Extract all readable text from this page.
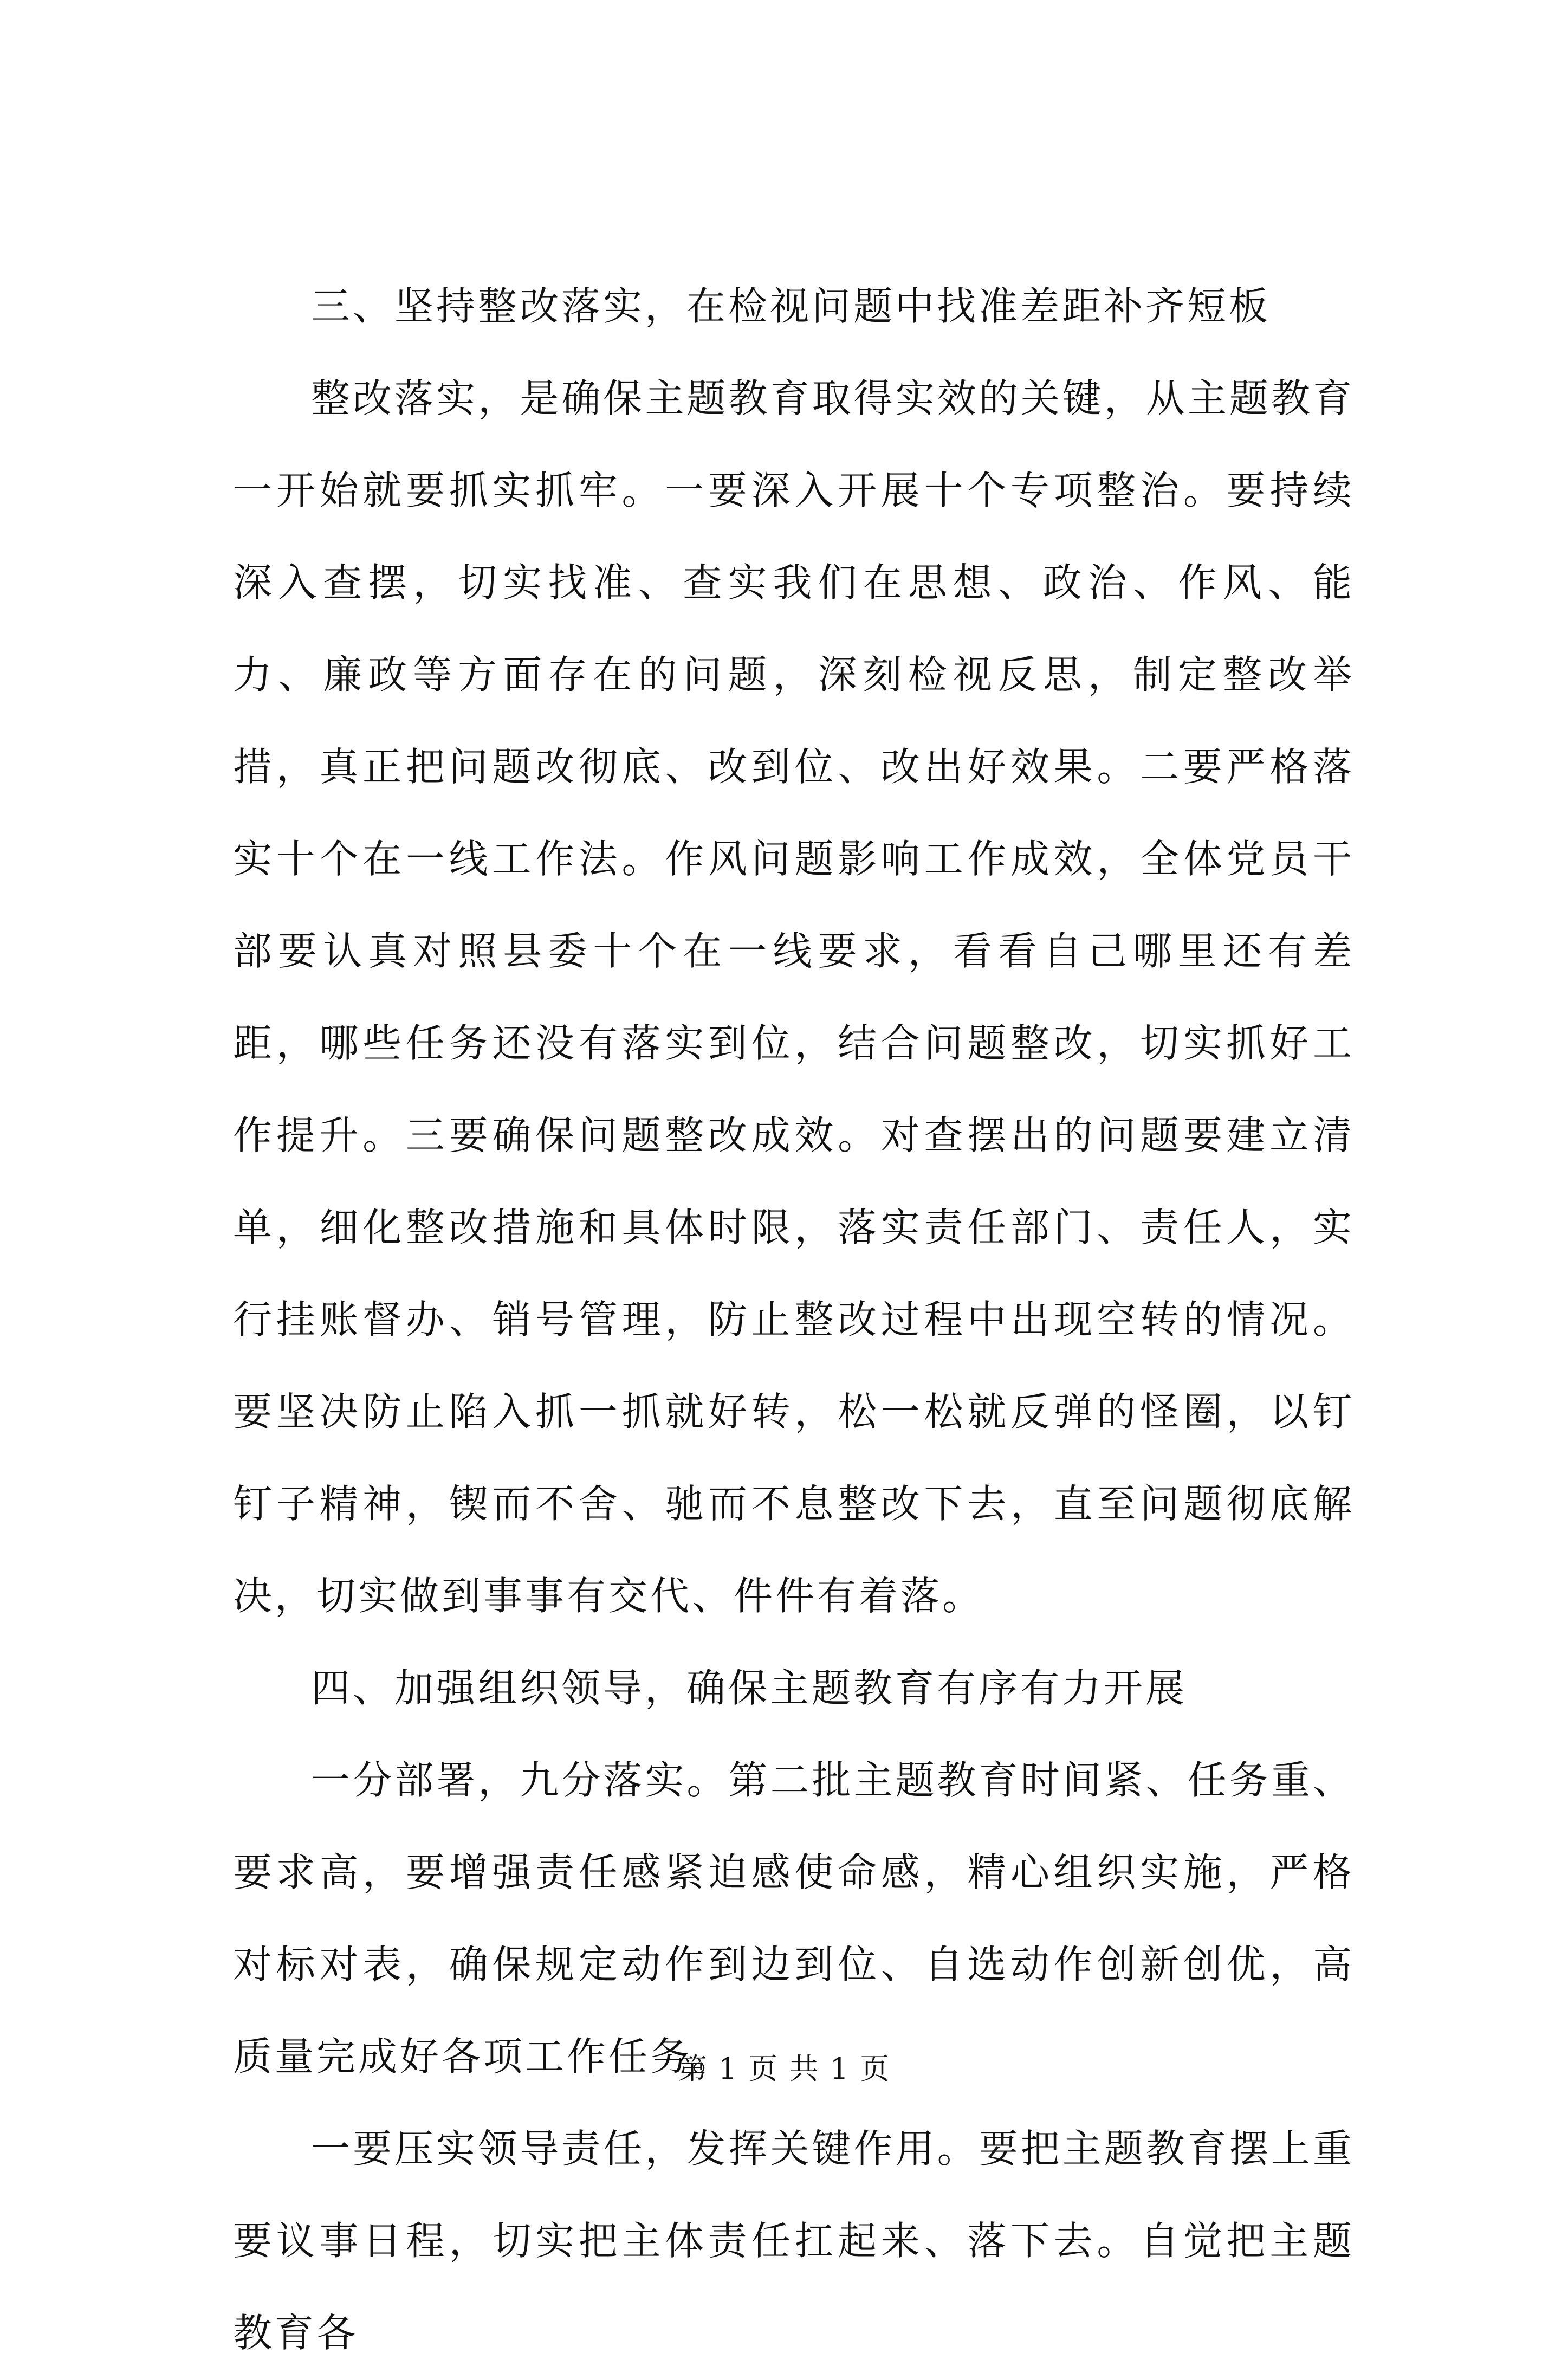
三、坚持整改落实，在检视问题中找准差距补齐短板

整改落实，是确保主题教育取得实效的关键，从主题教育一开始就要抓实抓牢。一要深入开展十个专项整治。要持续深入查摆，切实找准、查实我们在思想、政治、作风、能力、廉政等方面存在的问题，深刻检视反思，制定整改举措，真正把问题改彻底、改到位、改出好效果。二要严格落实十个在一线工作法。作风问题影响工作成效，全体党员干部要认真对照县委十个在一线要求，看看自己哪里还有差距，哪些任务还没有落实到位，结合问题整改，切实抓好工作提升。三要确保问题整改成效。对查摆出的问题要建立清单，细化整改措施和具体时限，落实责任部门、责任人，实行挂账督办、销号管理，防止整改过程中出现空转的情况。要坚决防止陷入抓一抓就好转，松一松就反弹的怪圈，以钉钉子精神，锲而不舍、驰而不息整改下去，直至问题彻底解决，切实做到事事有交代、件件有着落。

四、加强组织领导，确保主题教育有序有力开展

一分部署，九分落实。第二批主题教育时间紧、任务重、要求高，要增强责任感紧迫感使命感，精心组织实施，严格对标对表，确保规定动作到边到位、自选动作创新创优，高质量完成好各项工作任务。

一要压实领导责任，发挥关键作用。要把主题教育摆上重要议事日程，切实把主体责任扛起来、落下去。自觉把主题教育各

第 1 页 共 1 页
